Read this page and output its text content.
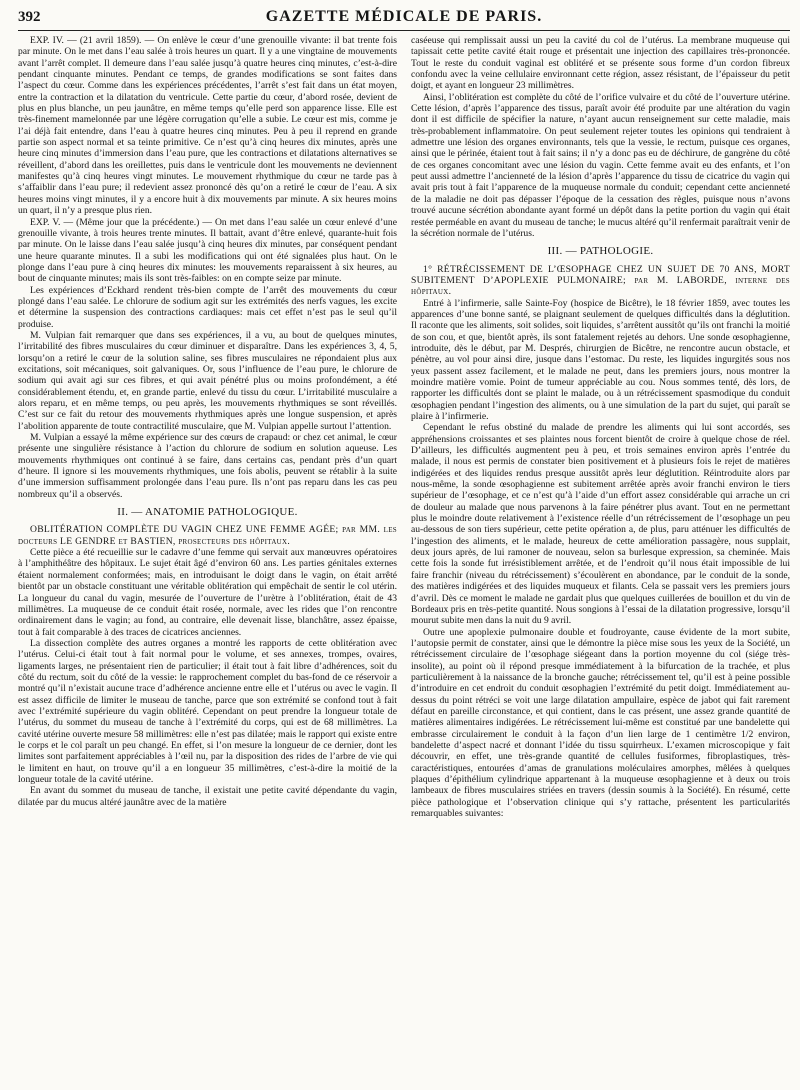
392	GAZETTE MÉDICALE DE PARIS.

EXP. IV. — (21 avril 1859). — On enlève le cœur d’une grenouille vivante: il bat trente fois par minute. On le met dans l’eau salée à trois heures un quart. Il y a une vingtaine de mouvements avant l’arrêt complet. Il demeure dans l’eau salée jusqu’à quatre heures cinq minutes, c’est-à-dire pendant cinquante minutes. Pendant ce temps, de grandes modifications se sont faites dans l’aspect du cœur. Comme dans les expériences précédentes, l’arrêt s’est fait dans un état moyen, entre la contraction et la dilatation du ventricule. Cette partie du cœur, d’abord rosée, devient de plus en plus blanche, un peu jaunâtre, en même temps qu’elle perd son apparence lisse. Elle est très-finement mamelonnée par une légère corrugation qu’elle a subie. Le cœur est mis, comme je l’ai déjà fait entendre, dans l’eau à quatre heures cinq minutes. Peu à peu il reprend en grande partie son aspect normal et sa teinte primitive. Ce n’est qu’à cinq heures dix minutes, après une heure cinq minutes d’immersion dans l’eau pure, que les contractions et dilatations alternatives se réveillent, d’abord dans les oreillettes, puis dans le ventricule dont les mouvements ne deviennent manifestes qu’à cinq heures vingt minutes. Le mouvement rhythmique du cœur ne tarde pas à s’affaiblir dans l’eau pure; il redevient assez prononcé dès qu’on a retiré le cœur de l’eau. A six heures moins vingt minutes, il y a encore huit à dix mouvements par minute. A six heures moins un quart, il n’y a presque plus rien.

EXP. V. — (Même jour que la précédente.) — On met dans l’eau salée un cœur enlevé d’une grenouille vivante, à trois heures trente minutes. Il battait, avant d’être enlevé, quarante-huit fois par minute. On le laisse dans l’eau salée jusqu’à cinq heures dix minutes, par conséquent pendant une heure quarante minutes. Il a subi les modifications qui ont été signalées plus haut. On le plonge dans l’eau pure à cinq heures dix minutes: les mouvements reparaissent à six heures, au bout de cinquante minutes; mais ils sont très-faibles: on en compte seize par minute.

Les expériences d’Eckhard rendent très-bien compte de l’arrêt des mouvements du cœur plongé dans l’eau salée. Le chlorure de sodium agit sur les extrémités des nerfs vagues, les excite et détermine la suspension des contractions cardiaques: mais cet effet n’est pas le seul qu’il produise.

M. Vulpian fait remarquer que dans ses expériences, il a vu, au bout de quelques minutes, l’irritabilité des fibres musculaires du cœur diminuer et disparaître. Dans les expériences 3, 4, 5, lorsqu’on a retiré le cœur de la solution saline, ses fibres musculaires ne répondaient plus aux excitations, soit mécaniques, soit galvaniques. Or, sous l’influence de l’eau pure, le chlorure de sodium qui avait agi sur ces fibres, et qui avait pénétré plus ou moins profondément, a été considérablement étendu, et, en grande partie, enlevé du tissu du cœur. L’irritabilité musculaire a alors reparu, et en même temps, ou peu après, les mouvements rhythmiques se sont réveillés. C’est sur ce fait du retour des mouvements rhythmiques après une longue suspension, et après l’abolition apparente de toute contractilité musculaire, que M. Vulpian appelle surtout l’attention.

M. Vulpian a essayé la même expérience sur des cœurs de crapaud: or chez cet animal, le cœur présente une singulière résistance à l’action du chlorure de sodium en solution aqueuse. Les mouvements rhythmiques ont continué à se faire, dans certains cas, pendant près d’un quart d’heure. Il ignore si les mouvements rhythmiques, une fois abolis, peuvent se rétablir à la suite d’une immersion suffisamment prolongée dans l’eau pure. Ils n’ont pas reparu dans les cas peu nombreux qu’il a observés.

II. — ANATOMIE PATHOLOGIQUE.

OBLITÉRATION COMPLÈTE DU VAGIN CHEZ UNE FEMME AGÉE; par MM. les docteurs LE GENDRE et BASTIEN, prosecteurs des hôpitaux.

Cette pièce a été recueillie sur le cadavre d’une femme qui servait aux manœuvres opératoires à l’amphithéâtre des hôpitaux. Le sujet était âgé d’environ 60 ans. Les parties génitales externes étaient normalement conformées; mais, en introduisant le doigt dans le vagin, on était arrêté bientôt par un obstacle constituant une véritable oblitération qui empêchait de sentir le col utérin. La longueur du canal du vagin, mesurée de l’ouverture de l’urètre à l’oblitération, était de 43 millimètres. La muqueuse de ce conduit était rosée, normale, avec les rides que l’on rencontre ordinairement dans le vagin; au fond, au contraire, elle devenait lisse, blanchâtre, assez épaisse, tout à fait comparable à des traces de cicatrices anciennes.

La dissection complète des autres organes a montré les rapports de cette oblitération avec l’utérus. Celui-ci était tout à fait normal pour le volume, et ses annexes, trompes, ovaires, ligaments larges, ne présentaient rien de particulier; il était tout à fait libre d’adhérences, soit du côté du rectum, soit du côté de la vessie: le rapprochement complet du bas-fond de ce réservoir a montré qu’il n’existait aucune trace d’adhérence ancienne entre elle et l’utérus ou avec le vagin. Il est assez difficile de limiter le museau de tanche, parce que son extrémité se confond tout à fait avec l’extrémité supérieure du vagin oblitéré. Cependant on peut prendre la longueur totale de l’utérus, du sommet du museau de tanche à l’extrémité du corps, qui est de 68 millimètres. La cavité utérine ouverte mesure 58 millimètres: elle n’est pas dilatée; mais le rapport qui existe entre le corps et le col paraît un peu changé. En effet, si l’on mesure la longueur de ce dernier, dont les limites sont parfaitement appréciables à l’œil nu, par la disposition des rides de l’arbre de vie qui le limitent en haut, on trouve qu’il a en longueur 35 millimètres, c’est-à-dire la moitié de la longueur totale de la cavité utérine.

En avant du sommet du museau de tanche, il existait une petite cavité dépendante du vagin, dilatée par du mucus altéré jaunâtre avec de la matière

caséeuse qui remplissait aussi un peu la cavité du col de l’utérus. La membrane muqueuse qui tapissait cette petite cavité était rouge et présentait une injection des capillaires très-prononcée. Tout le reste du conduit vaginal est oblitéré et se présente sous forme d’un cordon fibreux confondu avec la veine cellulaire environnant cette région, assez résistant, de l’épaisseur du petit doigt, et ayant en longueur 23 millimètres.

Ainsi, l’oblitération est complète du côté de l’orifice vulvaire et du côté de l’ouverture utérine. Cette lésion, d’après l’apparence des tissus, paraît avoir été produite par une altération du vagin dont il est difficile de spécifier la nature, n’ayant aucun renseignement sur cette maladie, mais très-probablement inflammatoire. On peut seulement rejeter toutes les opinions qui tendraient à admettre une lésion des organes environnants, tels que la vessie, le rectum, puisque ces organes, ainsi que le périnée, étaient tout à fait sains; il n’y a donc pas eu de déchirure, de gangrène du côté de ces organes concomitant avec une lésion du vagin. Cette femme avait eu des enfants, et l’on peut aussi admettre l’ancienneté de la lésion d’après l’apparence du tissu de cicatrice du vagin qui avait pris tout à fait l’apparence de la muqueuse normale du conduit; cependant cette ancienneté de la maladie ne doit pas dépasser l’époque de la cessation des règles, puisque nous n’avons trouvé aucune sécrétion abondante ayant formé un dépôt dans la petite portion du vagin qui était restée perméable en avant du museau de tanche; le mucus altéré qu’il renfermait paraîtrait venir de la sécrétion normale de l’utérus.

III. — PATHOLOGIE.

1° RÉTRÉCISSEMENT DE L’ŒSOPHAGE CHEZ UN SUJET DE 70 ANS, MORT SUBITEMENT D’APOPLEXIE PULMONAIRE; par M. LABORDE, interne des hôpitaux.

Entré à l’infirmerie, salle Sainte-Foy (hospice de Bicêtre), le 18 février 1859, avec toutes les apparences d’une bonne santé, se plaignant seulement de quelques difficultés dans la déglutition. Il raconte que les aliments, soit solides, soit liquides, s’arrêtent aussitôt qu’ils ont franchi la moitié de son cou, et que, bientôt après, ils sont fatalement rejetés au dehors. Une sonde œsophagienne, introduite, dès le début, par M. Després, chirurgien de Bicêtre, ne rencontre aucun obstacle, et pénètre, au vol pour ainsi dire, jusque dans l’estomac. Du reste, les liquides ingurgités sous nos yeux passent assez facilement, et le malade ne peut, dans les premiers jours, nous montrer la moindre matière vomie. Point de tumeur appréciable au cou. Nous sommes tenté, dès lors, de rapporter les difficultés dont se plaint le malade, ou à un rétrécissement spasmodique du conduit œsophagien pendant l’ingestion des aliments, ou à une simulation de la part du sujet, qui paraît se plaire à l’infirmerie.

Cependant le refus obstiné du malade de prendre les aliments qui lui sont accordés, ses appréhensions croissantes et ses plaintes nous forcent bientôt de croire à quelque chose de réel. D’ailleurs, les difficultés augmentent peu à peu, et trois semaines environ après l’entrée du malade, il nous est permis de constater bien positivement et à plusieurs fois le rejet de matières indigérées et des liquides rendus presque aussitôt après leur déglutition. Réintroduite alors par nous-même, la sonde œsophagienne est subitement arrêtée après avoir franchi environ le tiers supérieur de l’œsophage, et ce n’est qu’à l’aide d’un effort assez considérable qui arrache un cri de douleur au malade que nous parvenons à la faire pénétrer plus avant. Tout en ne permettant plus le moindre doute relativement à l’existence réelle d’un rétrécissement de l’œsophage un peu au-dessous de son tiers supérieur, cette petite opération a, de plus, paru atténuer les difficultés de l’ingestion des aliments, et le malade, heureux de cette amélioration passagère, nous supplait, deux jours après, de lui ramoner de nouveau, selon sa burlesque expression, sa cheminée. Mais cette fois la sonde fut irrésistiblement arrêtée, et de l’endroit qu’il nous était impossible de lui faire franchir (niveau du rétrécissement) s’écoulèrent en abondance, par le conduit de la sonde, des matières indigérées et des liquides muqueux et filants. Cela se passait vers les premiers jours d’avril. Dès ce moment le malade ne gardait plus que quelques cuillerées de bouillon et du vin de Bordeaux pris en très-petite quantité. Nous songions à l’essai de la dilatation progressive, lorsqu’il mourut subite men dans la nuit du 9 avril.

Outre une apoplexie pulmonaire double et foudroyante, cause évidente de la mort subite, l’autopsie permit de constater, ainsi que le démontre la pièce mise sous les yeux de la Société, un rétrécissement circulaire de l’œsophage siégeant dans la portion moyenne du col (siége très-insolite), au point où il répond presque immédiatement à la bifurcation de la trachée, et plus particulièrement à la naissance de la bronche gauche; rétrécissement tel, qu’il est à peine possible d’introduire en cet endroit du conduit œsophagien l’extrémité du petit doigt. Immédiatement au-dessus du point rétréci se voit une large dilatation ampullaire, espèce de jabot qui fait rarement défaut en pareille circonstance, et qui contient, dans le cas présent, une assez grande quantité de matières alimentaires indigérées. Le rétrécissement lui-même est constitué par une bandelette qui embrasse circulairement le conduit à la façon d’un lien large de 1 centimètre 1/2 environ, bandelette d’aspect nacré et donnant l’idée du tissu squirrheux. L’examen microscopique y fait découvrir, en effet, une très-grande quantité de cellules fusiformes, fibroplastiques, très-caractéristiques, entourées d’amas de granulations moléculaires amorphes, mêlées à quelques plaques d’épithélium cylindrique appartenant à la muqueuse œsophagienne et à deux ou trois lambeaux de fibres musculaires striées en travers (dessin soumis à la Société). En résumé, cette pièce pathologique et l’observation clinique qui s’y rattache, présentent les particularités remarquables suivantes:
